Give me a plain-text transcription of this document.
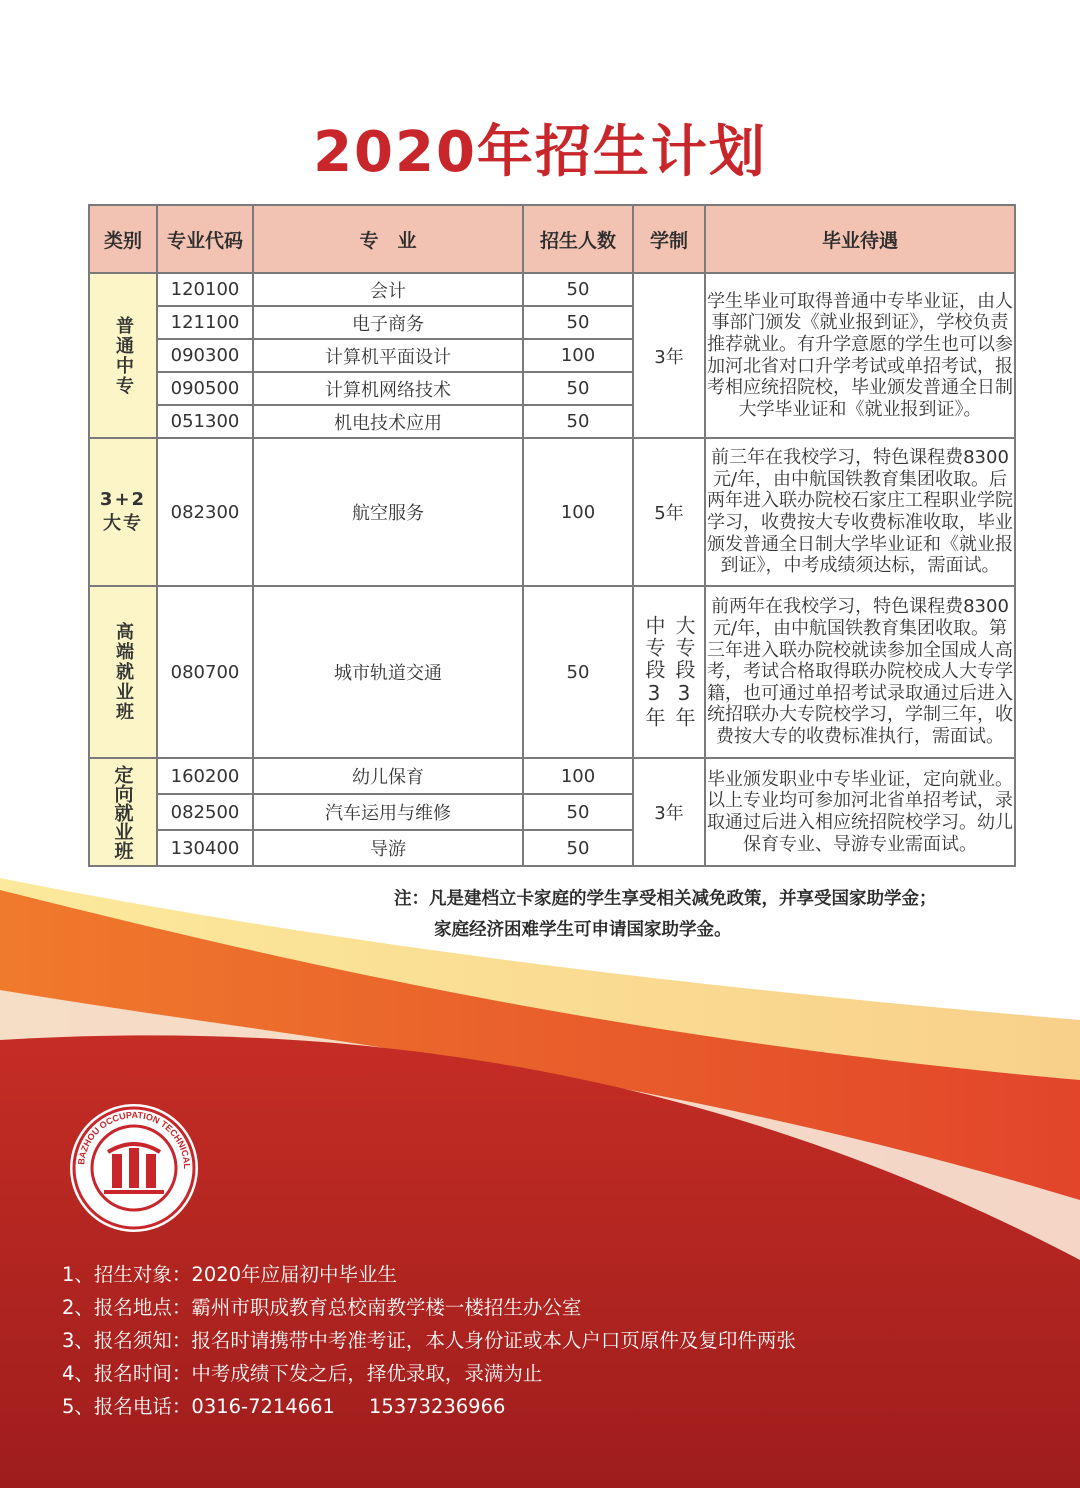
2020年招生计划
类别	专业代码	专　业	招生人数	学制	毕业待遇
普通中专	120100	会计	50	3年	学生毕业可取得普通中专毕业证，由人事部门颁发《就业报到证》，学校负责推荐就业。有升学意愿的学生也可以参加河北省对口升学考试或单招考试，报考相应统招院校，毕业颁发普通全日制大学毕业证和《就业报到证》。
	121100	电子商务	50		
	090300	计算机平面设计	100		
	090500	计算机网络技术	50		
	051300	机电技术应用	50		

3+2
大专	082300	航空服务	100	5年	前三年在我校学习，特色课程费8300元/年，由中航国铁教育集团收取。后两年进入联办院校石家庄工程职业学院学习，收费按大专收费标准收取，毕业颁发普通全日制大学毕业证和《就业报到证》，中考成绩须达标，需面试。
高端就业班	080700	城市轨道交通	50	中专段3年 大专段3年	前两年在我校学习，特色课程费8300元/年，由中航国铁教育集团收取。第三年进入联办院校就读参加全国成人高考，考试合格取得联办院校成人大专学籍，也可通过单招考试录取通过后进入统招联办大专院校学习，学制三年，收费按大专的收费标准执行，需面试。
定向就业班	160200	幼儿保育	100	3年	毕业颁发职业中专毕业证，定向就业。以上专业均可参加河北省单招考试，录取通过后进入相应统招院校学习。幼儿保育专业、导游专业需面试。
	082500	汽车运用与维修	50		
	130400	导游	50		
BAZHOU OCCUPATION TECHNICAL
注：凡是建档立卡家庭的学生享受相关减免政策，并享受国家助学金；
家庭经济困难学生可申请国家助学金。
1、招生对象：2020年应届初中毕业生
2、报名地点：霸州市职成教育总校南教学楼一楼招生办公室
3、报名须知：报名时请携带中考准考证，本人身份证或本人户口页原件及复印件两张
4、报名时间：中考成绩下发之后，择优录取，录满为止
5、报名电话：0316-7214661 15373236966
